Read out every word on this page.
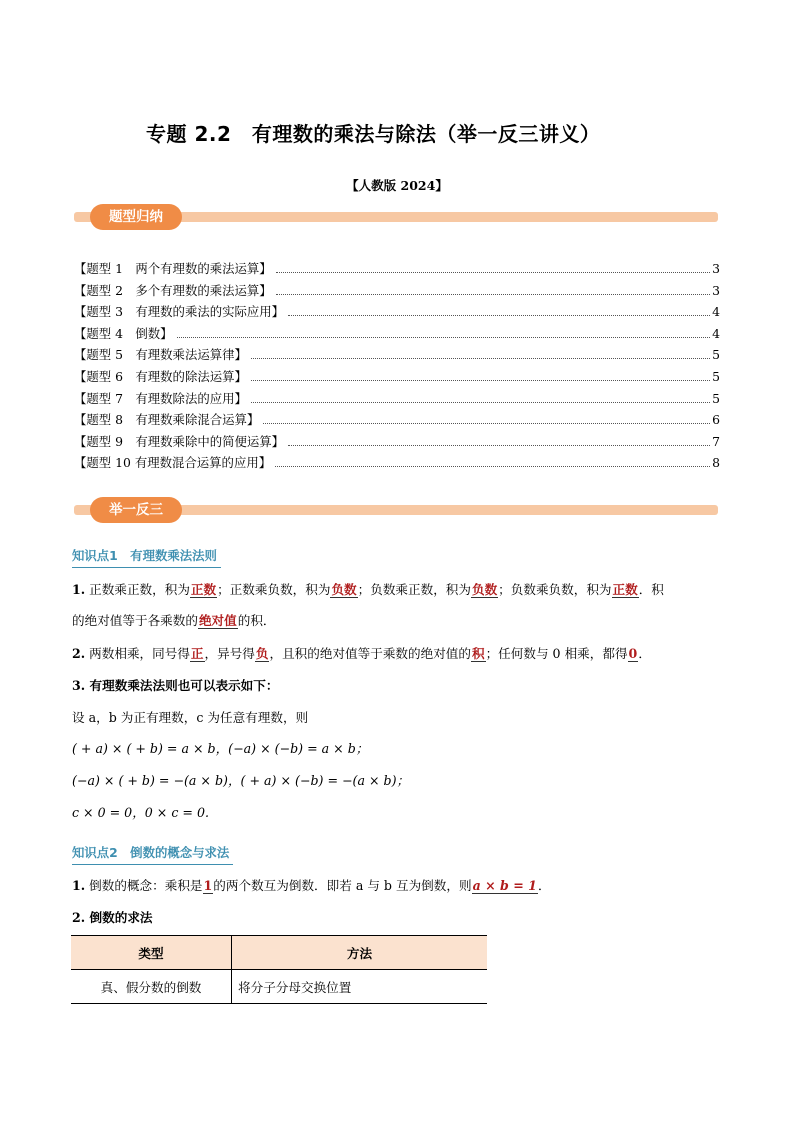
专题 2.2　有理数的乘法与除法（举一反三讲义）
【人教版 2024】
题型归纳
【题型 1　两个有理数的乘法运算】	3
【题型 2　多个有理数的乘法运算】	3
【题型 3　有理数的乘法的实际应用】	4
【题型 4　倒数】	4
【题型 5　有理数乘法运算律】	5
【题型 6　有理数的除法运算】	5
【题型 7　有理数除法的应用】	5
【题型 8　有理数乘除混合运算】	6
【题型 9　有理数乘除中的简便运算】	7
【题型 10 有理数混合运算的应用】	8
举一反三
知识点1　有理数乘法法则
1. 正数乘正数，积为正数；正数乘负数，积为负数；负数乘正数，积为负数；负数乘负数，积为正数．积
的绝对值等于各乘数的绝对值的积．
2. 两数相乘，同号得正，异号得负，且积的绝对值等于乘数的绝对值的积；任何数与 0 相乘，都得0．
3. 有理数乘法法则也可以表示如下：
设 a，b 为正有理数，c 为任意有理数，则
( + a) × ( + b) = a × b，(−a) × (−b) = a × b；
(−a) × ( + b) = −(a × b)，( + a) × (−b) = −(a × b)；
c × 0 = 0，0 × c = 0.
知识点2　倒数的概念与求法
1. 倒数的概念：乘积是1的两个数互为倒数．即若 a 与 b 互为倒数，则a × b = 1．
2. 倒数的求法
类型	方法
真、假分数的倒数	将分子分母交换位置
